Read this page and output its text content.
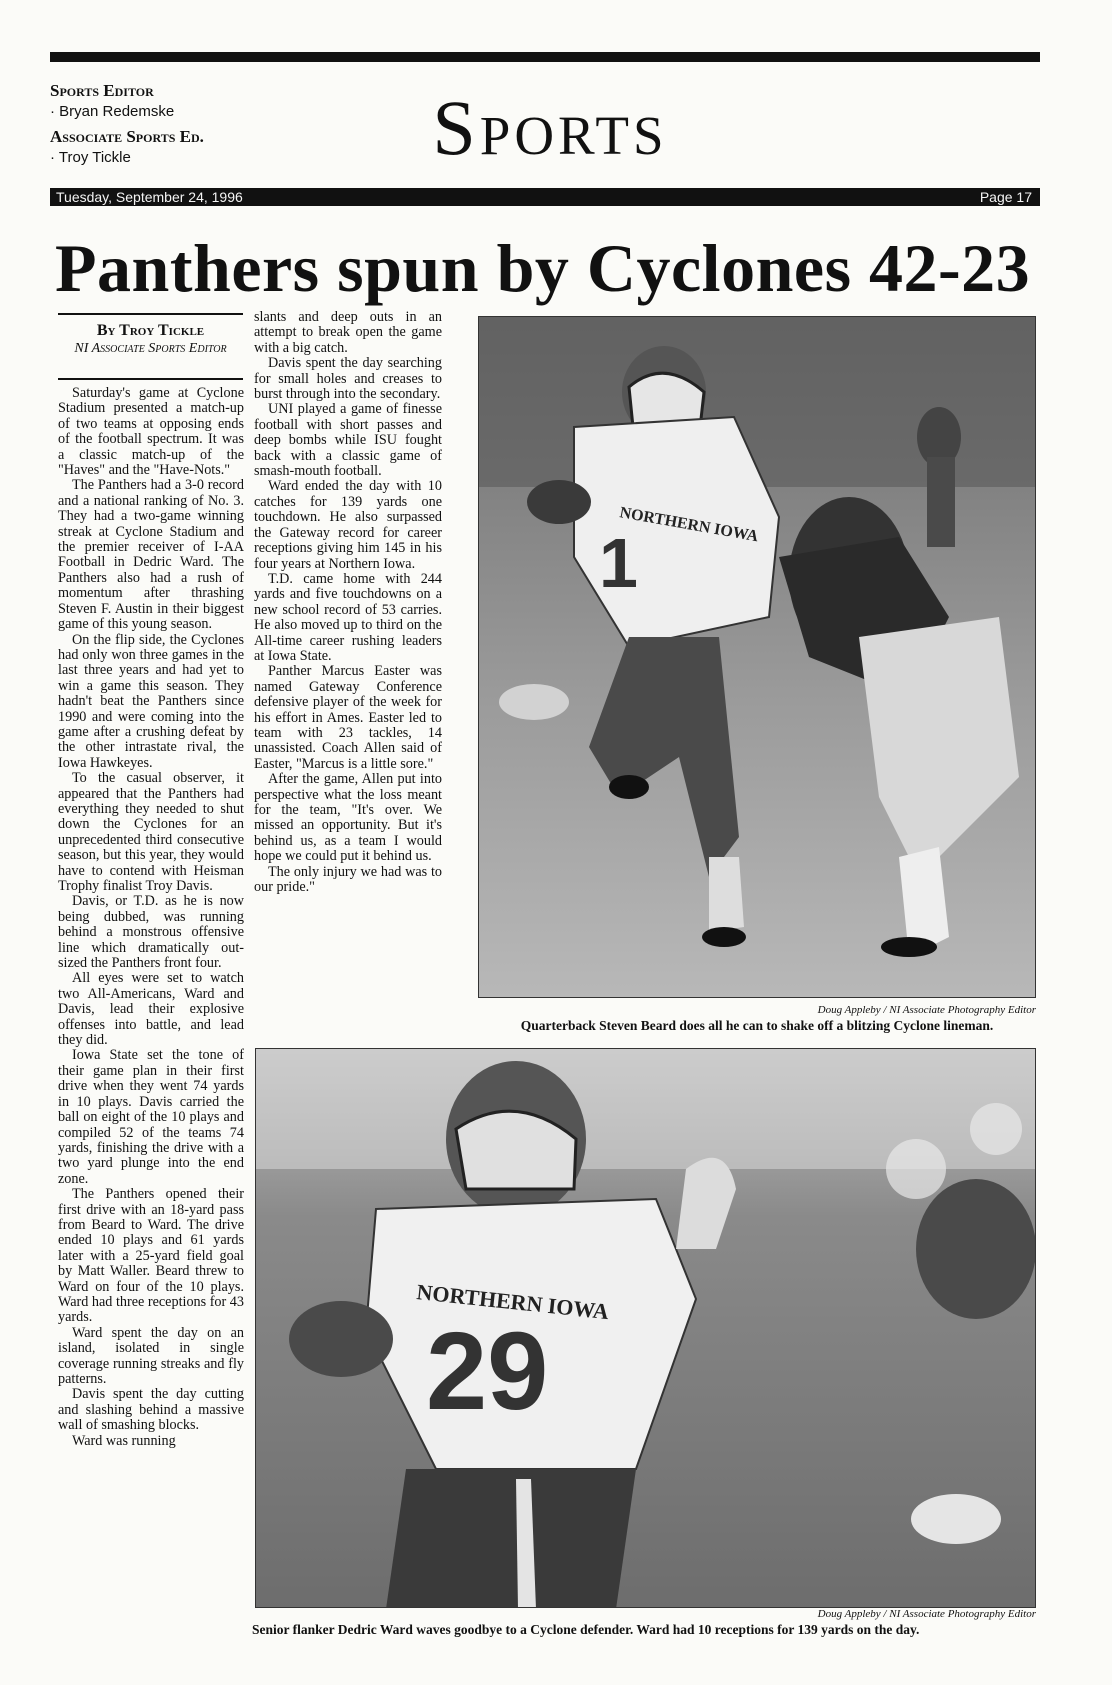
Sports Editor
· Bryan Redemske
Associate Sports Ed.
· Troy Tickle	Sports
Tuesday, September 24, 1996	Page 17
Panthers spun by Cyclones 42-23
By Troy Tickle
NI Associate Sports Editor

Saturday's game at Cyclone Stadium presented a match-up of two teams at opposing ends of the football spectrum. It was a classic match-up of the "Haves" and the "Have-Nots."

The Panthers had a 3-0 record and a national ranking of No. 3. They had a two-game winning streak at Cyclone Stadium and the premier receiver of I-AA Football in Dedric Ward. The Panthers also had a rush of momentum after thrashing Steven F. Austin in their biggest game of this young season.

On the flip side, the Cyclones had only won three games in the last three years and had yet to win a game this season. They hadn't beat the Panthers since 1990 and were coming into the game after a crushing defeat by the other intrastate rival, the Iowa Hawkeyes.

To the casual observer, it appeared that the Panthers had everything they needed to shut down the Cyclones for an unprecedented third consecutive season, but this year, they would have to contend with Heisman Trophy finalist Troy Davis.

Davis, or T.D. as he is now being dubbed, was running behind a monstrous offensive line which dramatically out-sized the Panthers front four.

All eyes were set to watch two All-Americans, Ward and Davis, lead their explosive offenses into battle, and lead they did.

Iowa State set the tone of their game plan in their first drive when they went 74 yards in 10 plays. Davis carried the ball on eight of the 10 plays and compiled 52 of the teams 74 yards, finishing the drive with a two yard plunge into the end zone.

The Panthers opened their first drive with an 18-yard pass from Beard to Ward. The drive ended 10 plays and 61 yards later with a 25-yard field goal by Matt Waller. Beard threw to Ward on four of the 10 plays. Ward had three receptions for 43 yards.

Ward spent the day on an island, isolated in single coverage running streaks and fly patterns.

Davis spent the day cutting and slashing behind a massive wall of smashing blocks.

Ward was running

slants and deep outs in an attempt to break open the game with a big catch.

Davis spent the day searching for small holes and creases to burst through into the secondary.

UNI played a game of finesse football with short passes and deep bombs while ISU fought back with a classic game of smash-mouth football.

Ward ended the day with 10 catches for 139 yards one touchdown. He also surpassed the Gateway record for career receptions giving him 145 in his four years at Northern Iowa.

T.D. came home with 244 yards and five touchdowns on a new school record of 53 carries. He also moved up to third on the All-time career rushing leaders at Iowa State.

Panther Marcus Easter was named Gateway Conference defensive player of the week for his effort in Ames. Easter led to team with 23 tackles, 14 unassisted. Coach Allen said of Easter, "Marcus is a little sore."

After the game, Allen put into perspective what the loss meant for the team, "It's over. We missed an opportunity. But it's behind us, as a team I would hope we could put it behind us.

The only injury we had was to our pride."

NORTHERN IOWA
1
Doug Appleby / NI Associate Photography Editor
Quarterback Steven Beard does all he can to shake off a blitzing Cyclone lineman.
NORTHERN IOWA
29
Doug Appleby / NI Associate Photography Editor
Senior flanker Dedric Ward waves goodbye to a Cyclone defender. Ward had 10 receptions for 139 yards on the day.
